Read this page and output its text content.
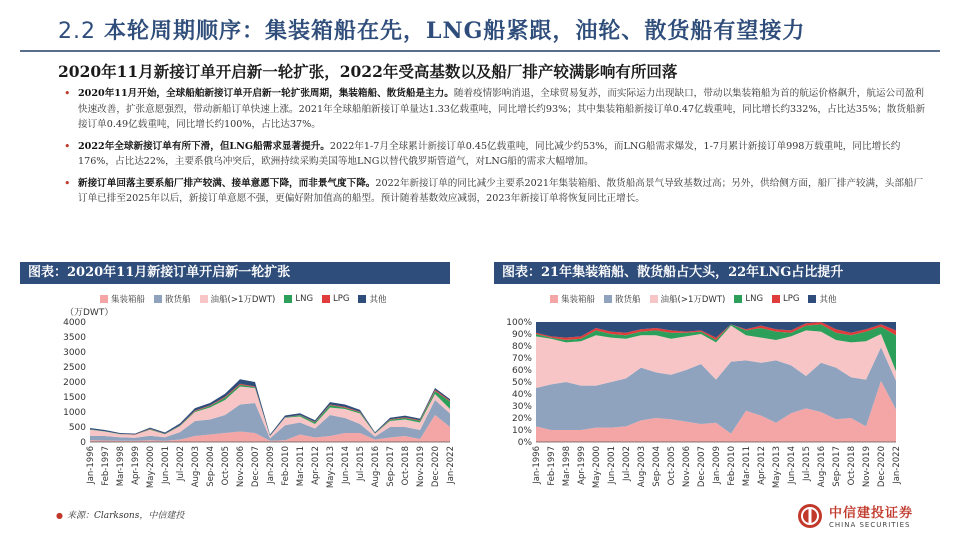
2.2 本轮周期顺序：集装箱船在先，LNG船紧跟，油轮、散货船有望接力
2020年11月新接订单开启新一轮扩张，2022年受高基数以及船厂排产较满影响有所回落
• 2020年11月开始，全球船舶新接订单开启新一轮扩张周期，集装箱船、散货船是主力。随着疫情影响消退，全球贸易复苏，而实际运力出现缺口，带动以集装箱船为首的航运价格飙升，航运公司盈利快速改善，扩张意愿强烈，带动新船订单快速上涨。2021年全球船舶新接订单量达1.33亿载重吨，同比增长约93%；其中集装箱船新接订单0.47亿载重吨，同比增长约332%，占比达35%；散货船新接订单0.49亿载重吨，同比增长约100%，占比达37%。
• 2022年全球新接订单有所下滑，但LNG船需求显著提升。2022年1-7月全球累计新接订单0.45亿载重吨，同比减少约53%，而LNG船需求爆发，1-7月累计新接订单998万载重吨，同比增长约176%，占比达22%，主要系俄乌冲突后，欧洲持续采购美国等地LNG以替代俄罗斯管道气，对LNG船的需求大幅增加。
• 新接订单回落主要系船厂排产较满、接单意愿下降，而非景气度下降。2022年新接订单的同比减少主要系2021年集装箱船、散货船高景气导致基数过高；另外，供给侧方面，船厂排产较满，头部船厂订单已排至2025年以后，新接订单意愿不强，更偏好附加值高的船型。预计随着基数效应减弱，2023年新接订单将恢复同比正增长。
图表：2020年11月新接订单开启新一轮扩张	图表：21年集装箱船、散货船占大头，22年LNG占比提升
集装箱船 散货船 油船(>1万DWT) LNG LPG 其他	集装箱船 散货船 油船(>1万DWT) LNG LPG 其他
（万DWT）
0
500
1000
1500
2000
2500
3000
3500
4000
Jan-1996 Feb-1997 Mar-1998 Apr-1999 May-2000 Jun-2001 Jul-2002 Aug-2003 Sep-2004 Oct-2005 Nov-2006 Dec-2007 Jan-2009 Feb-2010 Mar-2011 Apr-2012 May-2013 Jun-2014 Jul-2015 Aug-2016 Sep-2017 Oct-2018 Nov-2019 Dec-2020 Jan-2022
0%
10%
20%
30%
40%
50%
60%
70%
80%
90%
100%
Jan-1996 Feb-1997 Mar-1998 Apr-1999 May-2000 Jun-2001 Jul-2002 Aug-2003 Sep-2004 Oct-2005 Nov-2006 Dec-2007 Jan-2009 Feb-2010 Mar-2011 Apr-2012 May-2013 Jun-2014 Jul-2015 Aug-2016 Sep-2017 Oct-2018 Nov-2019 Dec-2020 Jan-2022
● 来源：Clarksons，中信建投	中信建投证券
CHINA SECURITIES
